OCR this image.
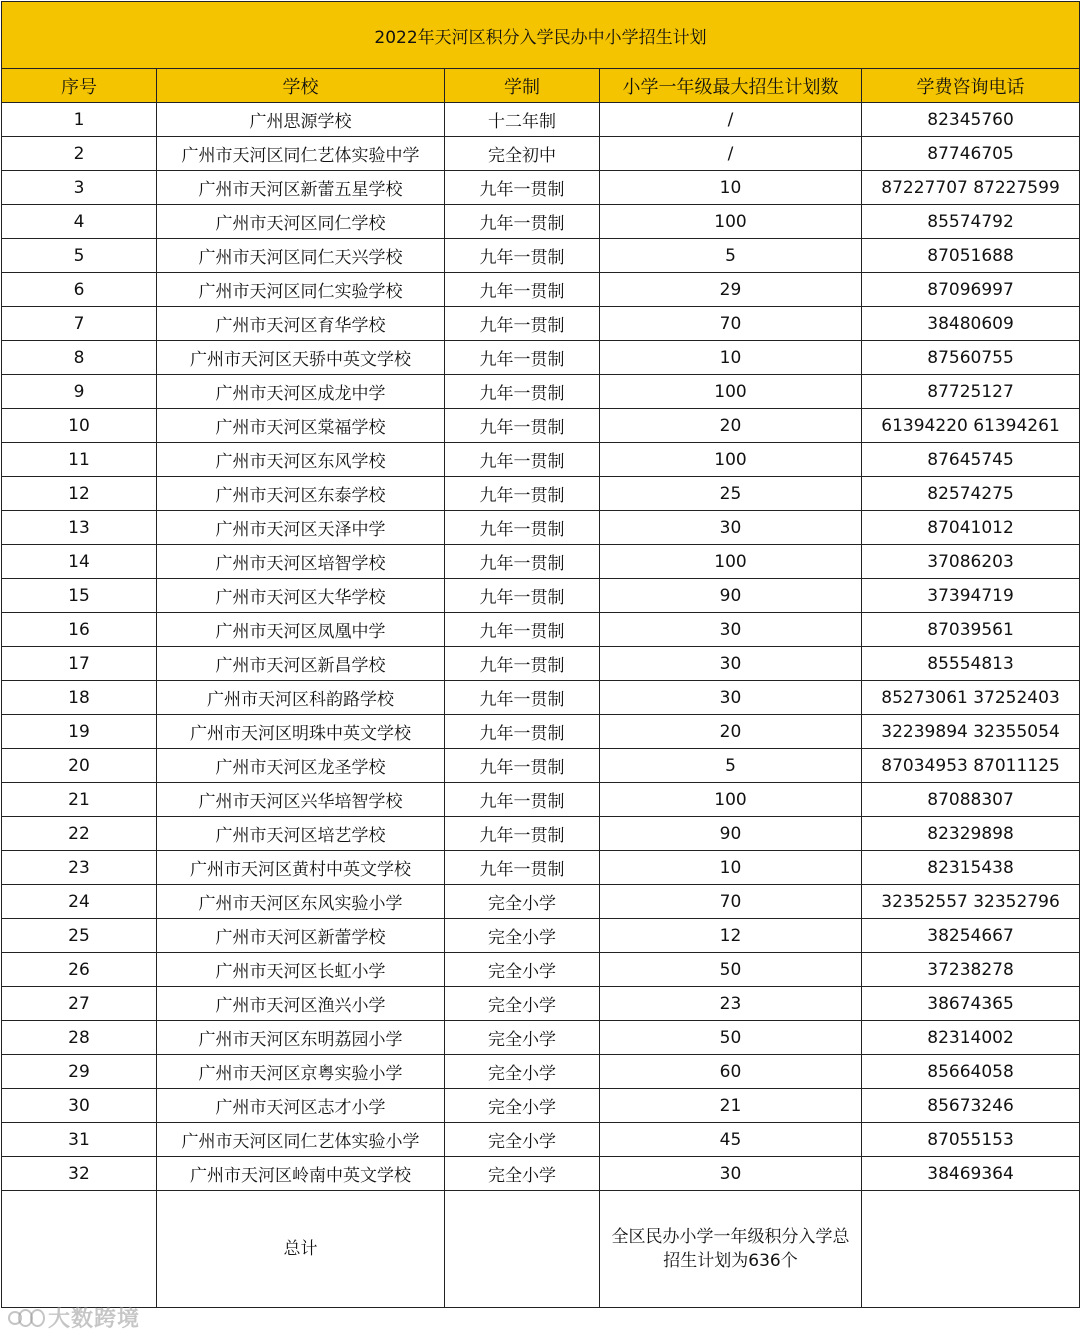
2022年天河区积分入学民办中小学招生计划				
序号	学校	学制	小学一年级最大招生计划数	学费咨询电话
1	广州思源学校	十二年制	/	82345760
2	广州市天河区同仁艺体实验中学	完全初中	/	87746705
3	广州市天河区新蕾五星学校	九年一贯制	10	87227707 87227599
4	广州市天河区同仁学校	九年一贯制	100	85574792
5	广州市天河区同仁天兴学校	九年一贯制	5	87051688
6	广州市天河区同仁实验学校	九年一贯制	29	87096997
7	广州市天河区育华学校	九年一贯制	70	38480609
8	广州市天河区天骄中英文学校	九年一贯制	10	87560755
9	广州市天河区成龙中学	九年一贯制	100	87725127
10	广州市天河区棠福学校	九年一贯制	20	61394220 61394261
11	广州市天河区东风学校	九年一贯制	100	87645745
12	广州市天河区东泰学校	九年一贯制	25	82574275
13	广州市天河区天泽中学	九年一贯制	30	87041012
14	广州市天河区培智学校	九年一贯制	100	37086203
15	广州市天河区大华学校	九年一贯制	90	37394719
16	广州市天河区凤凰中学	九年一贯制	30	87039561
17	广州市天河区新昌学校	九年一贯制	30	85554813
18	广州市天河区科韵路学校	九年一贯制	30	85273061 37252403
19	广州市天河区明珠中英文学校	九年一贯制	20	32239894 32355054
20	广州市天河区龙圣学校	九年一贯制	5	87034953 87011125
21	广州市天河区兴华培智学校	九年一贯制	100	87088307
22	广州市天河区培艺学校	九年一贯制	90	82329898
23	广州市天河区黄村中英文学校	九年一贯制	10	82315438
24	广州市天河区东风实验小学	完全小学	70	32352557 32352796
25	广州市天河区新蕾学校	完全小学	12	38254667
26	广州市天河区长虹小学	完全小学	50	37238278
27	广州市天河区渔兴小学	完全小学	23	38674365
28	广州市天河区东明荔园小学	完全小学	50	82314002
29	广州市天河区京粤实验小学	完全小学	60	85664058
30	广州市天河区志才小学	完全小学	21	85673246
31	广州市天河区同仁艺体实验小学	完全小学	45	87055153
32	广州市天河区岭南中英文学校	完全小学	30	38469364
	总计		全区民办小学一年级积分入学总招生计划为636个	
大数跨境
